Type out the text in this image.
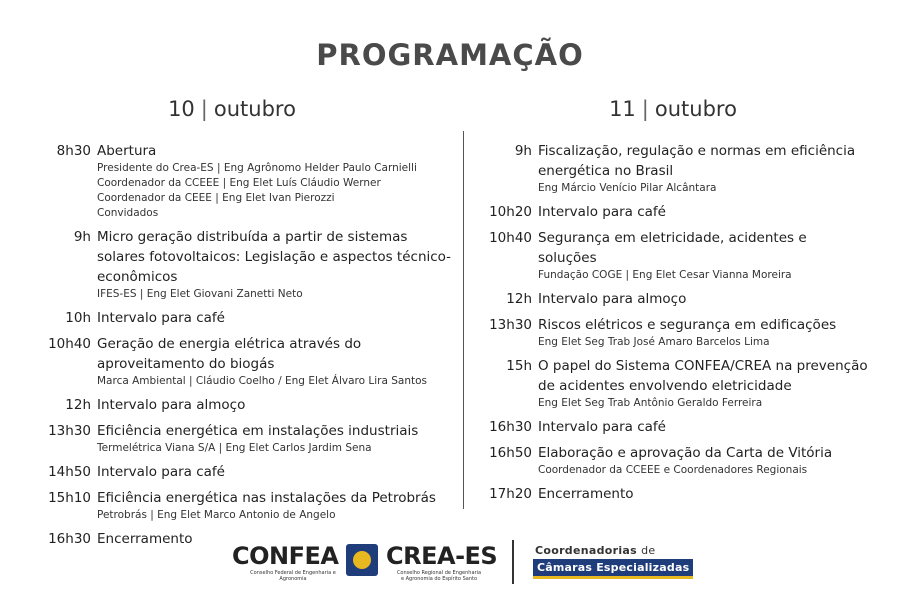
PROGRAMAÇÃO
10 | outubro	11 | outubro
8h30 Abertura
Presidente do Crea-ES | Eng Agrônomo Helder Paulo Carnielli
Coordenador da CCEEE | Eng Elet Luís Cláudio Werner
Coordenador da CEEE | Eng Elet Ivan Pierozzi
Convidados
9h Micro geração distribuída a partir de sistemas solares fotovoltaicos: Legislação e aspectos técnico-econômicos
IFES-ES | Eng Elet Giovani Zanetti Neto
10h Intervalo para café
10h40 Geração de energia elétrica através do aproveitamento do biogás
Marca Ambiental | Cláudio Coelho / Eng Elet Álvaro Lira Santos
12h Intervalo para almoço
13h30 Eficiência energética em instalações industriais
Termelétrica Viana S/A | Eng Elet Carlos Jardim Sena
14h50 Intervalo para café
15h10 Eficiência energética nas instalações da Petrobrás
Petrobrás | Eng Elet Marco Antonio de Angelo
16h30 Encerramento
9h Fiscalização, regulação e normas em eficiência energética no Brasil
Eng Márcio Venício Pilar Alcântara
10h20 Intervalo para café
10h40 Segurança em eletricidade, acidentes e soluções
Fundação COGE | Eng Elet Cesar Vianna Moreira
12h Intervalo para almoço
13h30 Riscos elétricos e segurança em edificações
Eng Elet Seg Trab José Amaro Barcelos Lima
15h O papel do Sistema CONFEA/CREA na prevenção de acidentes envolvendo eletricidade
Eng Elet Seg Trab Antônio Geraldo Ferreira
16h30 Intervalo para café
16h50 Elaboração e aprovação da Carta de Vitória
Coordenador da CCEEE e Coordenadores Regionais
17h20 Encerramento
CONFEA
Conselho Federal de Engenharia e Agronomia
CREA-ES
Conselho Regional de Engenharia e Agronomia do Espírito Santo
Coordenadorias de
Câmaras Especializadas
